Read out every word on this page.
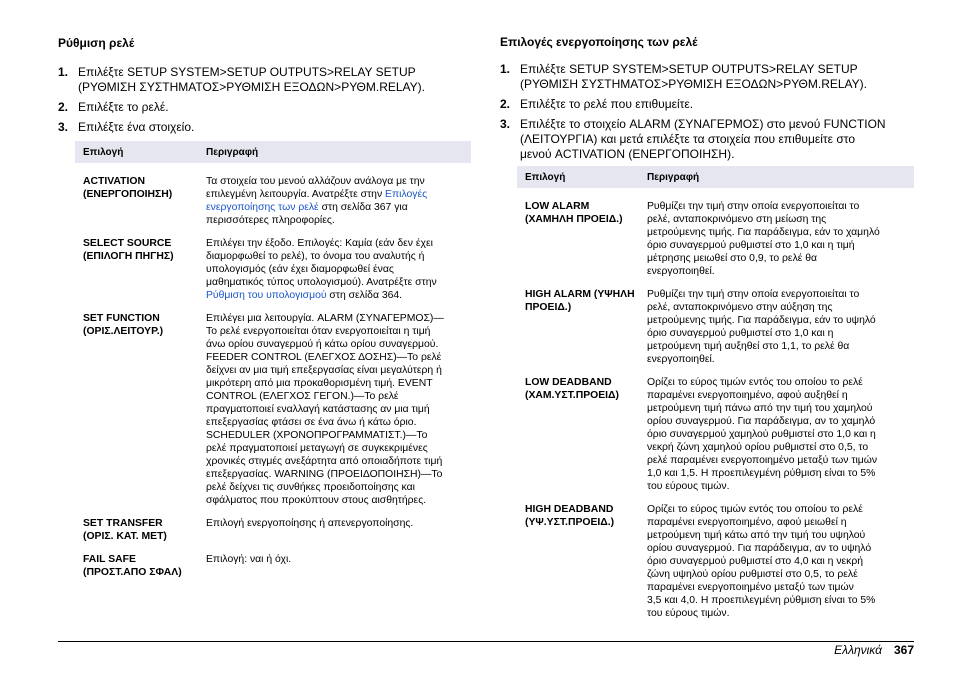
Ρύθμιση ρελέ
1. Επιλέξτε SETUP SYSTEM>SETUP OUTPUTS>RELAY SETUP
(ΡΥΘΜΙΣΗ ΣΥΣΤΗΜΑΤΟΣ>ΡΥΘΜΙΣΗ ΕΞΟΔΩΝ>ΡΥΘΜ.RELAY).
2. Επιλέξτε το ρελέ.
3. Επιλέξτε ένα στοιχείο.
Επιλογή	Περιγραφή
ACTIVATION
(ΕΝΕΡΓΟΠΟΙΗΣΗ)
Τα στοιχεία του μενού αλλάζουν ανάλογα με την
επιλεγμένη λειτουργία. Ανατρέξτε στην Επιλογές
ενεργοποίησης των ρελέ στη σελίδα 367 για
περισσότερες πληροφορίες.
SELECT SOURCE
(ΕΠΙΛΟΓΗ ΠΗΓΗΣ)
Επιλέγει την έξοδο. Επιλογές: Καμία (εάν δεν έχει
διαμορφωθεί το ρελέ), το όνομα του αναλυτής ή
υπολογισμός (εάν έχει διαμορφωθεί ένας
μαθηματικός τύπος υπολογισμού). Ανατρέξτε στην
Ρύθμιση του υπολογισμού στη σελίδα 364.
SET FUNCTION
(ΟΡΙΣ.ΛΕΙΤΟΥΡ.)
Επιλέγει μια λειτουργία. ALARM (ΣΥΝΑΓΕΡΜΟΣ)—
Το ρελέ ενεργοποιείται όταν ενεργοποιείται η τιμή
άνω ορίου συναγερμού ή κάτω ορίου συναγερμού.
FEEDER CONTROL (ΕΛΕΓΧΟΣ ΔΟΣΗΣ)—Το ρελέ
δείχνει αν μια τιμή επεξεργασίας είναι μεγαλύτερη ή
μικρότερη από μια προκαθορισμένη τιμή. EVENT
CONTROL (ΕΛΕΓΧΟΣ ΓΕΓΟΝ.)—Το ρελέ
πραγματοποιεί εναλλαγή κατάστασης αν μια τιμή
επεξεργασίας φτάσει σε ένα άνω ή κάτω όριο.
SCHEDULER (ΧΡΟΝΟΠΡΟΓΡΑΜΜΑΤΙΣΤ.)—Το
ρελέ πραγματοποιεί μεταγωγή σε συγκεκριμένες
χρονικές στιγμές ανεξάρτητα από οποιαδήποτε τιμή
επεξεργασίας. WARNING (ΠΡΟΕΙΔΟΠΟΙΗΣΗ)—Το
ρελέ δείχνει τις συνθήκες προειδοποίησης και
σφάλματος που προκύπτουν στους αισθητήρες.
SET TRANSFER
(ΟΡΙΣ. ΚΑΤ. ΜΕΤ)
Επιλογή ενεργοποίησης ή απενεργοποίησης.
FAIL SAFE
(ΠΡΟΣΤ.ΑΠΟ ΣΦΑΛ)
Επιλογή: ναι ή όχι.
Επιλογές ενεργοποίησης των ρελέ
1. Επιλέξτε SETUP SYSTEM>SETUP OUTPUTS>RELAY SETUP
(ΡΥΘΜΙΣΗ ΣΥΣΤΗΜΑΤΟΣ>ΡΥΘΜΙΣΗ ΕΞΟΔΩΝ>ΡΥΘΜ.RELAY).
2. Επιλέξτε το ρελέ που επιθυμείτε.
3. Επιλέξτε το στοιχείο ALARM (ΣΥΝΑΓΕΡΜΟΣ) στο μενού FUNCTION
(ΛΕΙΤΟΥΡΓΙΑ) και μετά επιλέξτε τα στοιχεία που επιθυμείτε στο
μενού ACTIVATION (ΕΝΕΡΓΟΠΟΙΗΣΗ).
Επιλογή	Περιγραφή
LOW ALARM
(ΧΑΜΗΛΗ ΠΡΟΕΙΔ.)
Ρυθμίζει την τιμή στην οποία ενεργοποιείται το
ρελέ, ανταποκρινόμενο στη μείωση της
μετρούμενης τιμής. Για παράδειγμα, εάν το χαμηλό
όριο συναγερμού ρυθμιστεί στο 1,0 και η τιμή
μέτρησης μειωθεί στο 0,9, το ρελέ θα
ενεργοποιηθεί.
HIGH ALARM (ΥΨΗΛΗ
ΠΡΟΕΙΔ.)
Ρυθμίζει την τιμή στην οποία ενεργοποιείται το
ρελέ, ανταποκρινόμενο στην αύξηση της
μετρούμενης τιμής. Για παράδειγμα, εάν το υψηλό
όριο συναγερμού ρυθμιστεί στο 1,0 και η
μετρούμενη τιμή αυξηθεί στο 1,1, το ρελέ θα
ενεργοποιηθεί.
LOW DEADBAND
(ΧΑΜ.ΥΣΤ.ΠΡΟΕΙΔ)
Ορίζει το εύρος τιμών εντός του οποίου το ρελέ
παραμένει ενεργοποιημένο, αφού αυξηθεί η
μετρούμενη τιμή πάνω από την τιμή του χαμηλού
ορίου συναγερμού. Για παράδειγμα, αν το χαμηλό
όριο συναγερμού χαμηλού ρυθμιστεί στο 1,0 και η
νεκρή ζώνη χαμηλού ορίου ρυθμιστεί στο 0,5, το
ρελέ παραμένει ενεργοποιημένο μεταξύ των τιμών
1,0 και 1,5. Η προεπιλεγμένη ρύθμιση είναι το 5%
του εύρους τιμών.
HIGH DEADBAND
(ΥΨ.ΥΣΤ.ΠΡΟΕΙΔ.)
Ορίζει το εύρος τιμών εντός του οποίου το ρελέ
παραμένει ενεργοποιημένο, αφού μειωθεί η
μετρούμενη τιμή κάτω από την τιμή του υψηλού
ορίου συναγερμού. Για παράδειγμα, αν το υψηλό
όριο συναγερμού ρυθμιστεί στο 4,0 και η νεκρή
ζώνη υψηλού ορίου ρυθμιστεί στο 0,5, το ρελέ
παραμένει ενεργοποιημένο μεταξύ των τιμών
3,5 και 4,0. Η προεπιλεγμένη ρύθμιση είναι το 5%
του εύρους τιμών.
Ελληνικά 367
